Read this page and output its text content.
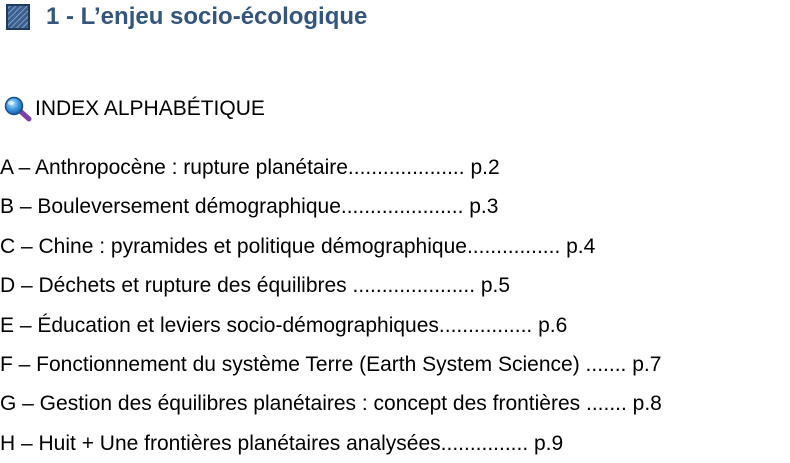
1 - L’enjeu socio-écologique
INDEX ALPHABÉTIQUE
A – Anthropocène : rupture planétaire.................... p.2
B – Bouleversement démographique..................... p.3
C – Chine : pyramides et politique démographique................ p.4
D – Déchets et rupture des équilibres ..................... p.5
E – Éducation et leviers socio-démographiques................ p.6
F – Fonctionnement du système Terre (Earth System Science) ....... p.7
G – Gestion des équilibres planétaires : concept des frontières ....... p.8
H – Huit + Une frontières planétaires analysées............... p.9
